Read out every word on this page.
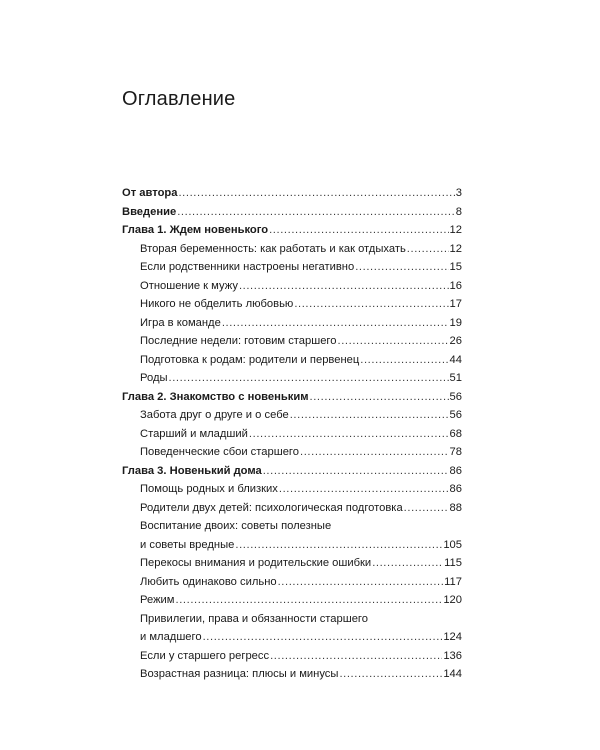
Оглавление
От автора .....	3
Введение .....	8
Глава 1. Ждем новенького .....	12
Вторая беременность: как работать и как отдыхать .....	12
Если родственники настроены негативно .....	15
Отношение к мужу .....	16
Никого не обделить любовью .....	17
Игра в команде .....	19
Последние недели: готовим старшего .....	26
Подготовка к родам: родители и первенец .....	44
Роды .....	51
Глава 2. Знакомство с новеньким .....	56
Забота друг о друге и о себе .....	56
Старший и младший .....	68
Поведенческие сбои старшего .....	78
Глава 3. Новенький дома .....	86
Помощь родных и близких .....	86
Родители двух детей: психологическая подготовка .....	88
Воспитание двоих: советы полезные
и советы вредные .....	105
Перекосы внимания и родительские ошибки .....	115
Любить одинаково сильно .....	117
Режим .....	120
Привилегии, права и обязанности старшего
и младшего .....	124
Если у старшего регресс .....	136
Возрастная разница: плюсы и минусы .....	144
